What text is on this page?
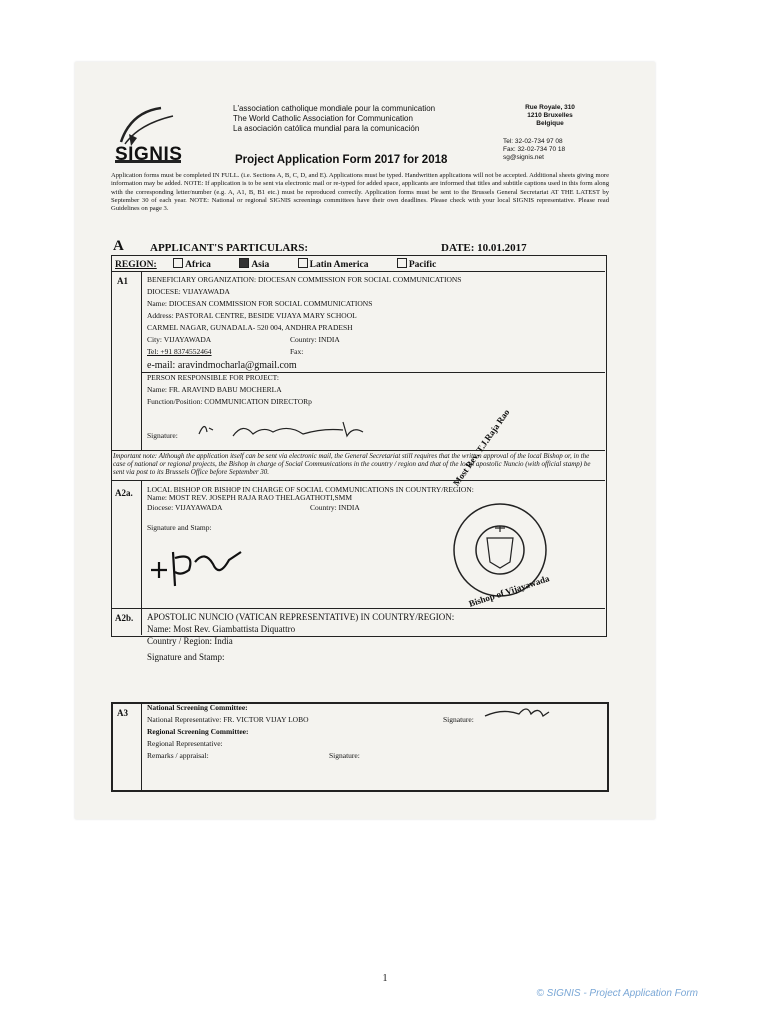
SIGNIS
L'association catholique mondiale pour la communication
The World Catholic Association for Communication
La asociación católica mundial para la comunicación
Rue Royale, 310
1210 Bruxelles
Belgique
Tel: 32-02-734 97 08
Fax: 32-02-734 70 18
sg@signis.net
Project Application Form 2017 for 2018
Application forms must be completed IN FULL. (i.e. Sections A, B, C, D, and E). Applications must be typed. Handwritten applications will not be accepted. Additional sheets giving more information may be added. NOTE: If application is to be sent via electronic mail or re-typed for added space, applicants are informed that titles and subtitle captions used in this form along with the corresponding letter/number (e.g. A, A1, B, B1 etc.) must be reproduced correctly. Application forms must be sent to the Brussels General Secretariat AT THE LATEST by September 30 of each year. NOTE: National or regional SIGNIS screenings committees have their own deadlines. Please check with your local SIGNIS representative. Please read Guidelines on page 3.
A APPLICANT'S PARTICULARS:	DATE: 10.01.2017
REGION:	Africa	Asia	Latin America	Pacific
A1	BENEFICIARY ORGANIZATION: DIOCESAN COMMISSION FOR SOCIAL COMMUNICATIONS
DIOCESE: VIJAYAWADA
Name: DIOCESAN COMMISSION FOR SOCIAL COMMUNICATIONS
Address: PASTORAL CENTRE, BESIDE VIJAYA MARY SCHOOL
CARMEL NAGAR, GUNADALA- 520 004, ANDHRA PRADESH
City: VIJAYAWADA	Country: INDIA
Tel: +91 8374552464	Fax:
e-mail: aravindmocharla@gmail.com
PERSON RESPONSIBLE FOR PROJECT:
Name: FR. ARAVIND BABU MOCHERLA
Function/Position: COMMUNICATION DIRECTORp
Signature:
Important note: Although the application itself can be sent via electronic mail, the General Secretariat still requires that the written approval of the local Bishop or, in the case of national or regional projects, the Bishop in charge of Social Communications in the country / region and that of the local apostolic Nuncio (with official stamp) be sent via post to its Brussels Office before September 30.
A2a. LOCAL BISHOP OR BISHOP IN CHARGE OF SOCIAL COMMUNICATIONS IN COUNTRY/REGION:
Name: MOST REV. JOSEPH RAJA RAO THELAGATHOTI,SMM
Diocese: VIJAYAWADA	Country: INDIA
Signature and Stamp:
Most Rev. T.J.Raja Rao
Bishop of Vijayawada
A2b. APOSTOLIC NUNCIO (VATICAN REPRESENTATIVE) IN COUNTRY/REGION:
Name: Most Rev. Giambattista Diquattro
Country / Region: India
Signature and Stamp:
A3
National Screening Committee:
National Representative: FR. VICTOR VIJAY LOBO
Regional Screening Committee:
Regional Representative:
Remarks / appraisal:
Signature:
Signature:
1
© SIGNIS - Project Application Form
